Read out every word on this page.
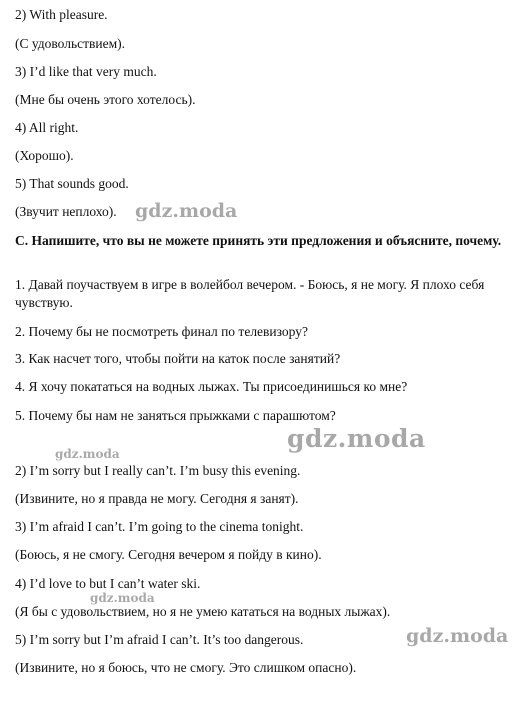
2) With pleasure.
(С удовольствием).
3) I’d like that very much.
(Мне бы очень этого хотелось).
4) All right.
(Хорошо).
5) That sounds good.
(Звучит неплохо).
C. Напишите, что вы не можете принять эти предложения и объясните, почему.
1. Давай поучаствуем в игре в волейбол вечером. - Боюсь, я не могу. Я плохо себя чувствую.
2. Почему бы не посмотреть финал по телевизору?
3. Как насчет того, чтобы пойти на каток после занятий?
4. Я хочу покататься на водных лыжах. Ты присоединишься ко мне?
5. Почему бы нам не заняться прыжками с парашютом?
2) I’m sorry but I really can’t. I’m busy this evening.
(Извините, но я правда не могу. Сегодня я занят).
3) I’m afraid I can’t. I’m going to the cinema tonight.
(Боюсь, я не смогу. Сегодня вечером я пойду в кино).
4) I’d love to but I can’t water ski.
(Я бы с удовольствием, но я не умею кататься на водных лыжах).
5) I’m sorry but I’m afraid I can’t. It’s too dangerous.
(Извините, но я боюсь, что не смогу. Это слишком опасно).
gdz.moda
gdz.moda
gdz.moda
gdz.moda
gdz.moda
